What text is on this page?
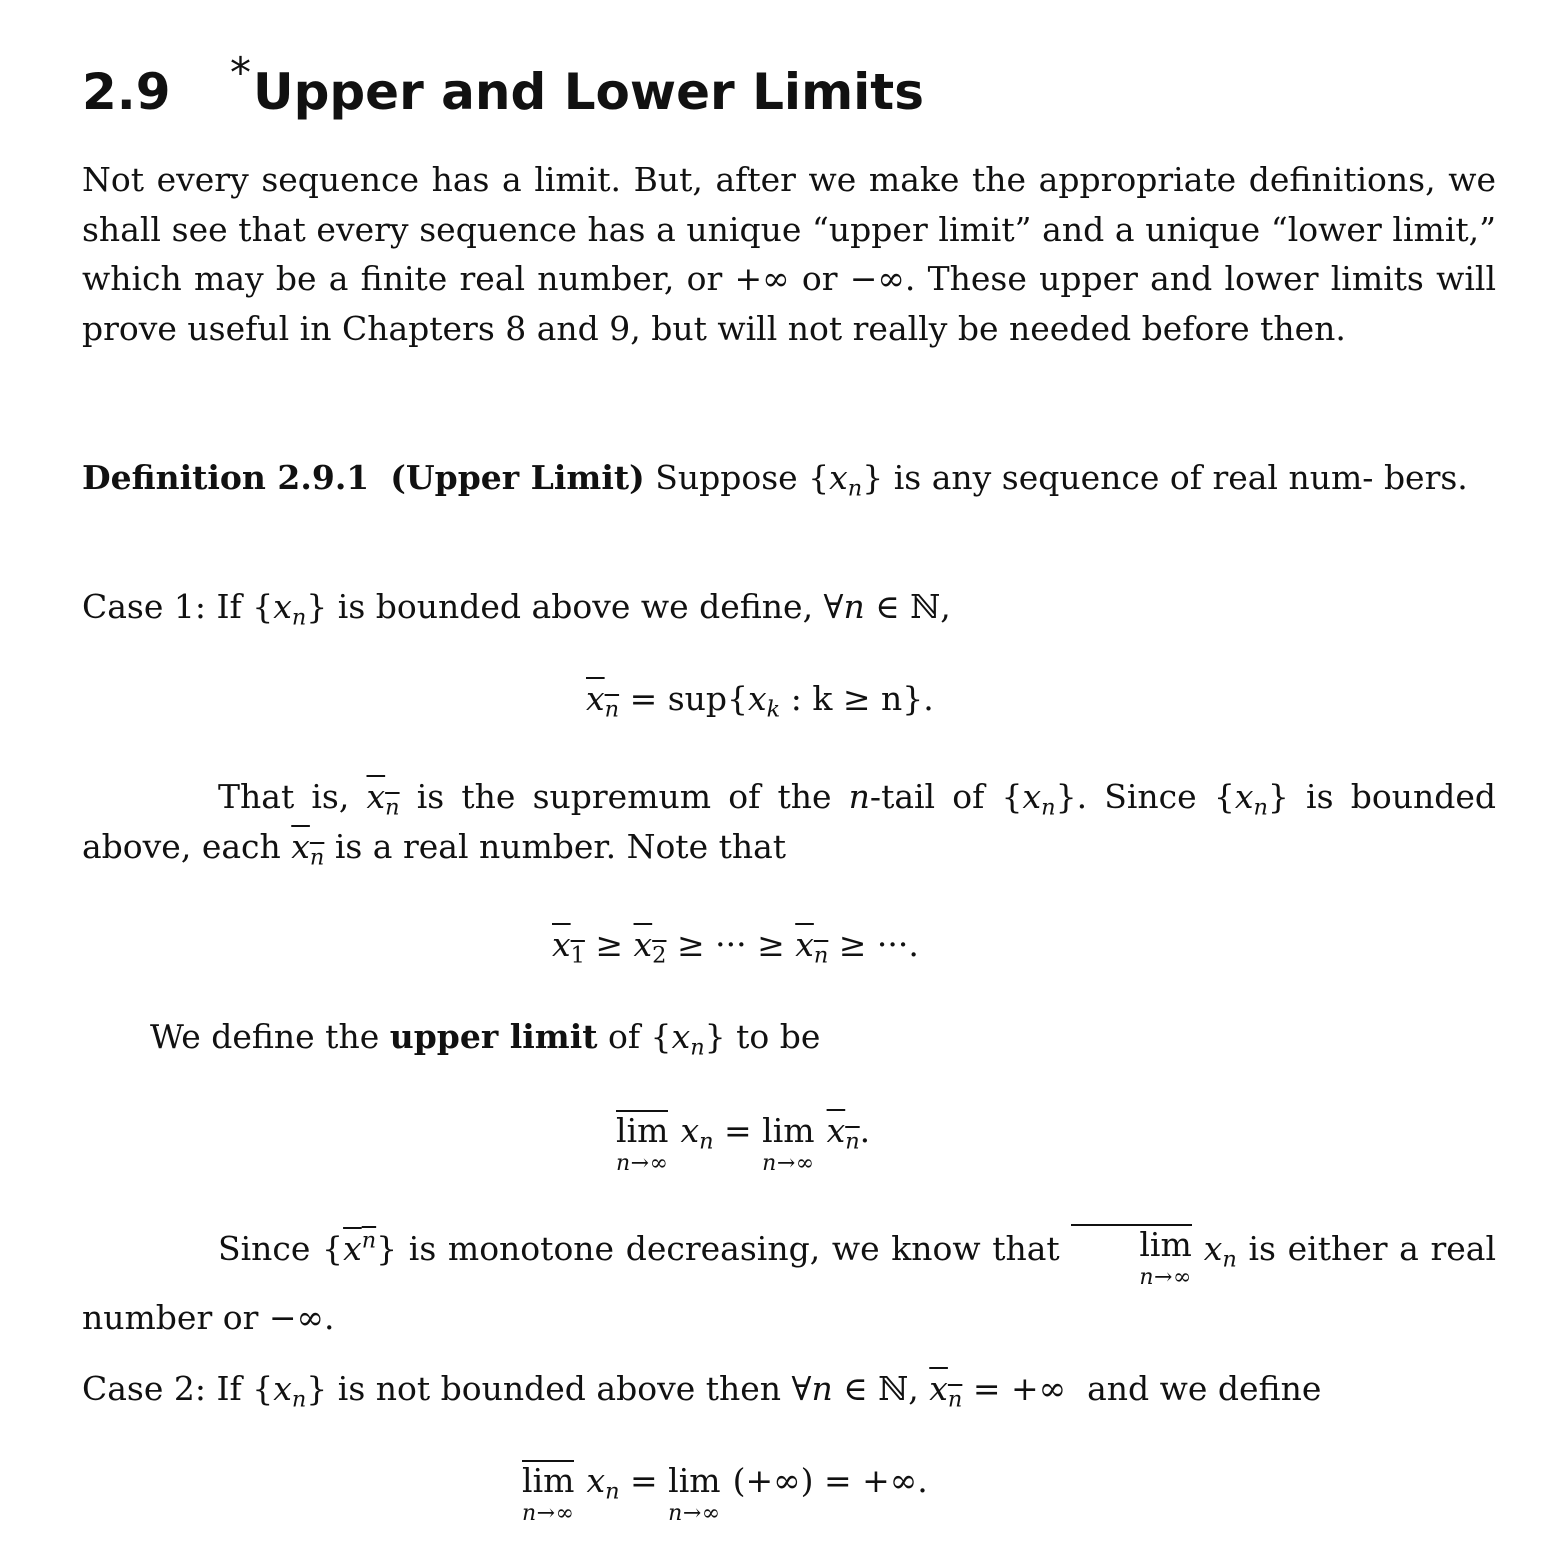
2.9 *Upper and Lower Limits

Not every sequence has a limit. But, after we make the appropriate definitions, we shall see that every sequence has a unique “upper limit” and a unique “lower limit,” which may be a finite real number, or +∞ or −∞. These upper and lower limits will prove useful in Chapters 8 and 9, but will not really be needed before then.

Definition 2.9.1 (Upper Limit) Suppose $\{x_n\}$ is any sequence of real num- bers.

Case 1: If $\{x_n\}$ is bounded above we define, ∀n ∈ ℕ,

$x_n = sup\{x_k$ : k ≥ n}.

That is, $x_n$ is the supremum of the n-tail of $\{x_n\}$. Since $\{x_n\}$ is bounded
above, each $x_n$ is a real number. Note that

$x_1 \ge x_2$ ≥ ··· ≥ $x_n$ ≥ ···.

We define the upper limit of $\{x_n\}$ to be

lim
n→∞
$x_n = \lim$
n→∞
$x_n$.
Since $\{x^n\}$ is monotone decreasing, we know that	lim
n→∞
$x_n$ is either a real
number or −∞.

Case 2: If $\{x_n\}$ is not bounded above then ∀n ∈ ℕ, $x_n$ = +∞  and we define

lim
n→∞
$x_n = \lim$
n→∞
(+∞) = +∞.
